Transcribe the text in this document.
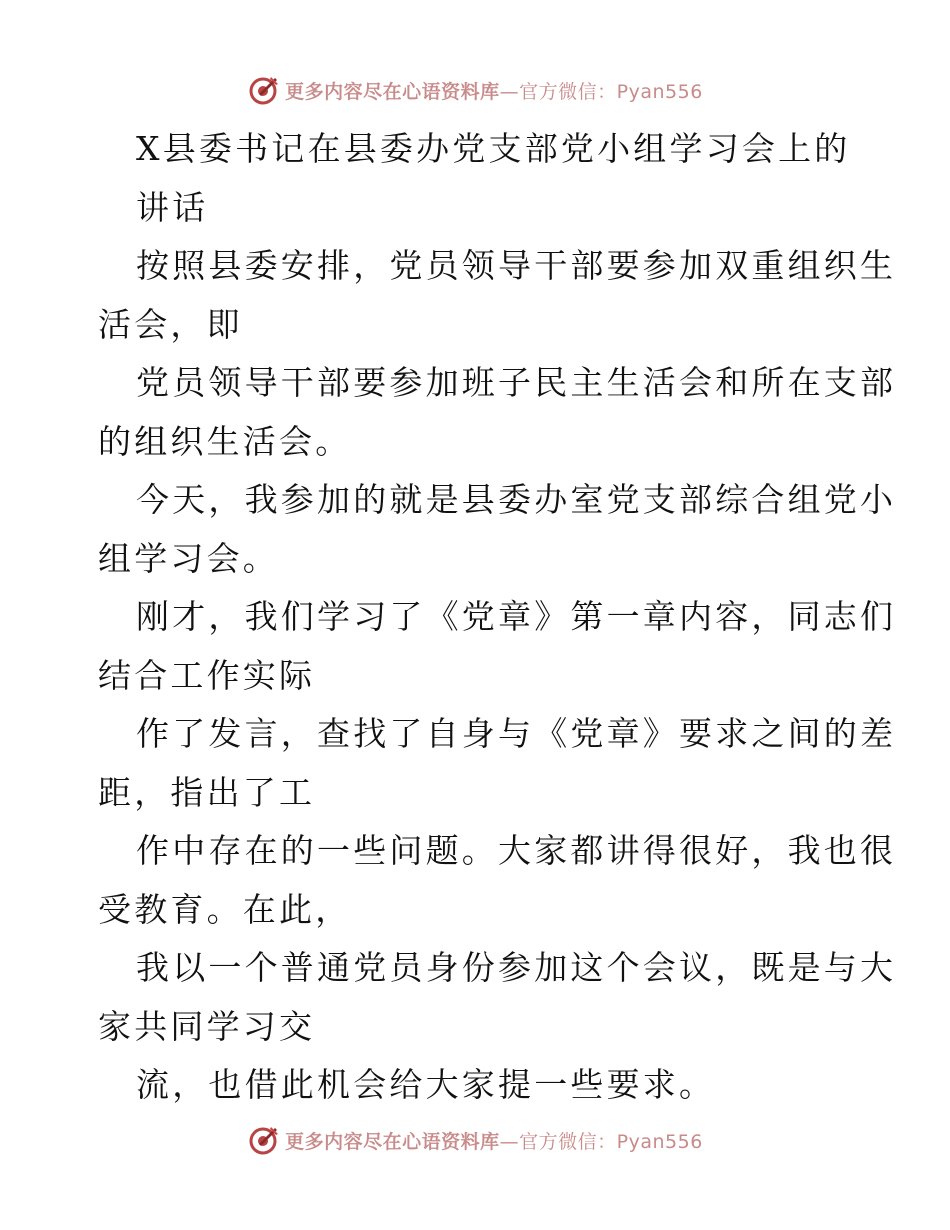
更多内容尽在心语资料库—官方微信：Pyan556
X县委书记在县委办党支部党小组学习会上的
讲话
按照县委安排，党员领导干部要参加双重组织生
活会，即
党员领导干部要参加班子民主生活会和所在支部
的组织生活会。
今天，我参加的就是县委办室党支部综合组党小
组学习会。
刚才，我们学习了《党章》第一章内容，同志们
结合工作实际
作了发言，查找了自身与《党章》要求之间的差
距，指出了工
作中存在的一些问题。大家都讲得很好，我也很
受教育。在此，
我以一个普通党员身份参加这个会议，既是与大
家共同学习交
流，也借此机会给大家提一些要求。
更多内容尽在心语资料库—官方微信：Pyan556
